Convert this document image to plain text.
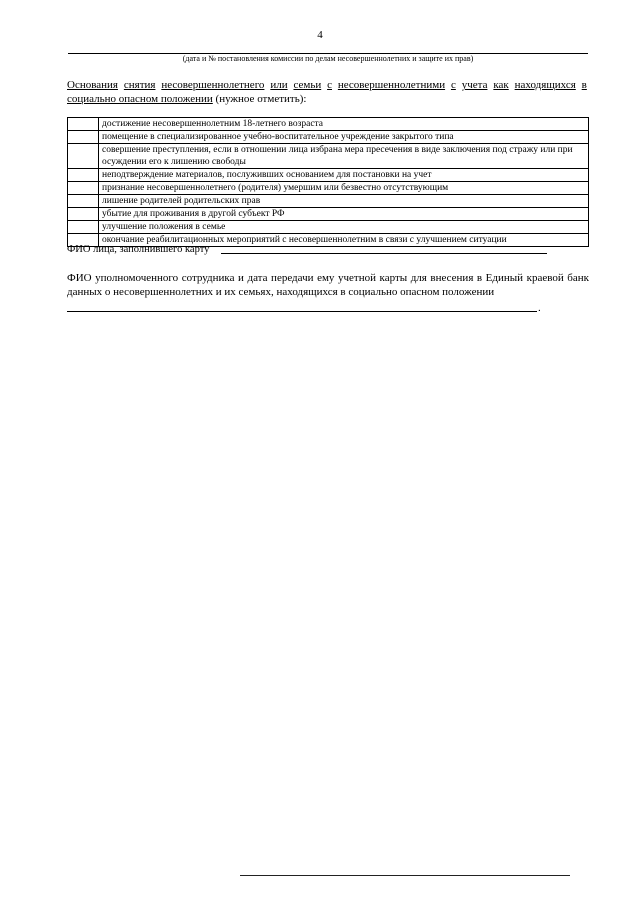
4
(дата и № постановления комиссии по делам несовершеннолетних и защите их прав)
Основания снятия несовершеннолетнего или семьи с несовершеннолетними с учета как находящихся в
социально опасном положении (нужное отметить):
	достижение несовершеннолетним 18-летнего возраста
	помещение в специализированное учебно-воспитательное учреждение закрытого типа
	совершение преступления, если в отношении лица избрана мера пресечения в виде заключения под стражу или при осуждении его к лишению свободы
	неподтверждение материалов, послуживших основанием для постановки на учет
	признание несовершеннолетнего (родителя) умершим или безвестно отсутствующим
	лишение родителей родительских прав
	убытие для проживания в другой субъект РФ
	улучшение положения в семье
	окончание реабилитационных мероприятий с несовершеннолетним в связи с улучшением ситуации
ФИО лица, заполнившего карту
ФИО уполномоченного сотрудника и дата передачи ему учетной карты для внесения в Единый краевой банк данных о несовершеннолетних и их семьях, находящихся в социально опасном положении
.
